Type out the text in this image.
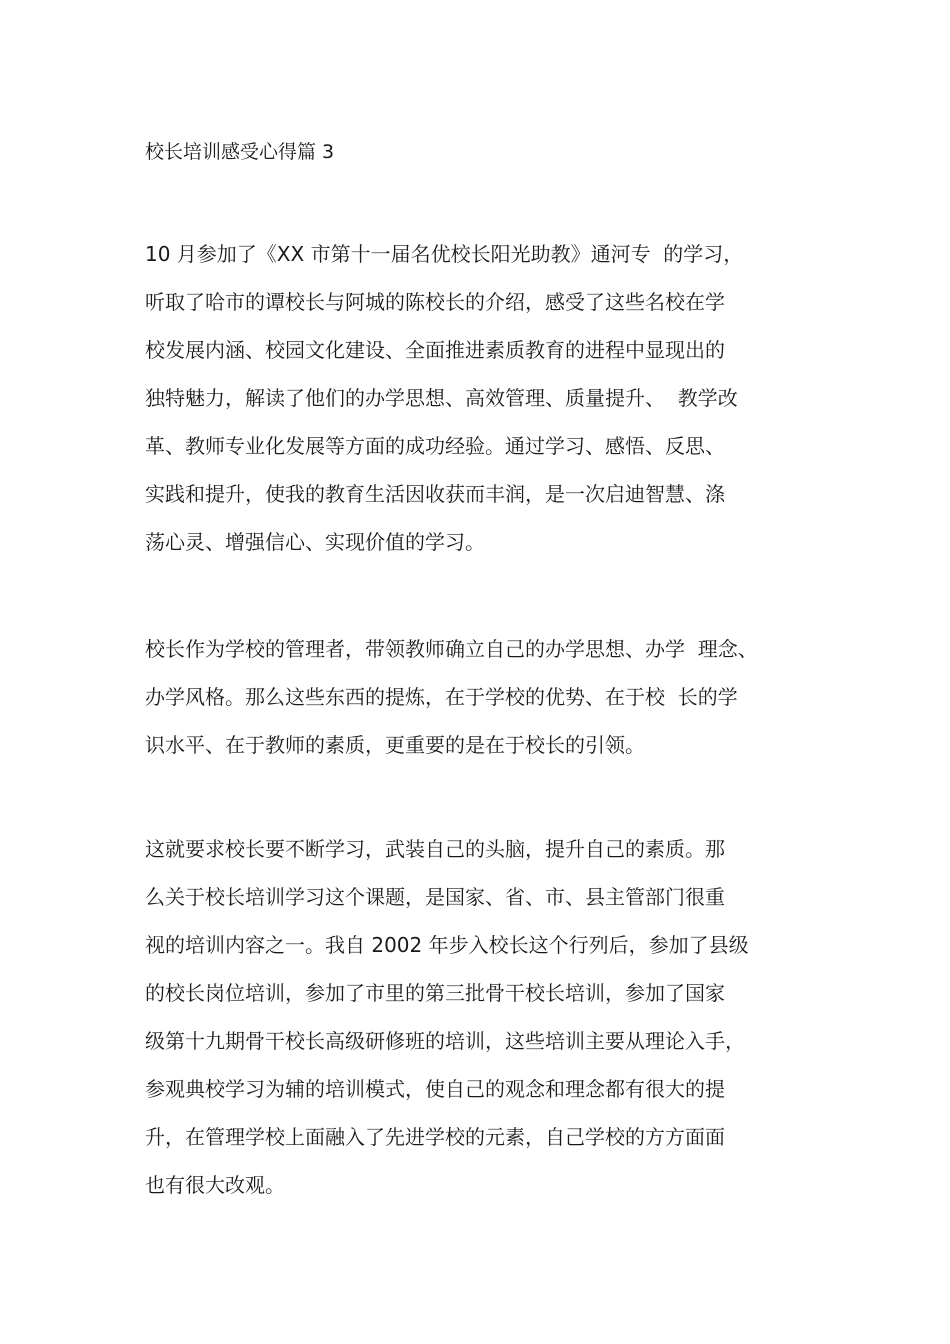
校长培训感受心得篇 3
10 月参加了《XX 市第十一届名优校长阳光助教》通河专  的学习，
听取了哈市的谭校长与阿城的陈校长的介绍，感受了这些名校在学
校发展内涵、校园文化建设、全面推进素质教育的进程中显现出的
独特魅力，解读了他们的办学思想、高效管理、质量提升、  教学改
革、教师专业化发展等方面的成功经验。通过学习、感悟、反思、
实践和提升，使我的教育生活因收获而丰润，是一次启迪智慧、涤
荡心灵、增强信心、实现价值的学习。
校长作为学校的管理者，带领教师确立自己的办学思想、办学  理念、
办学风格。那么这些东西的提炼，在于学校的优势、在于校  长的学
识水平、在于教师的素质，更重要的是在于校长的引领。
这就要求校长要不断学习，武装自己的头脑，提升自己的素质。那
么关于校长培训学习这个课题，是国家、省、市、县主管部门很重
视的培训内容之一。我自 2002 年步入校长这个行列后，参加了县级
的校长岗位培训，参加了市里的第三批骨干校长培训，参加了国家
级第十九期骨干校长高级研修班的培训，这些培训主要从理论入手，
参观典校学习为辅的培训模式，使自己的观念和理念都有很大的提
升，在管理学校上面融入了先进学校的元素，自己学校的方方面面
也有很大改观。
